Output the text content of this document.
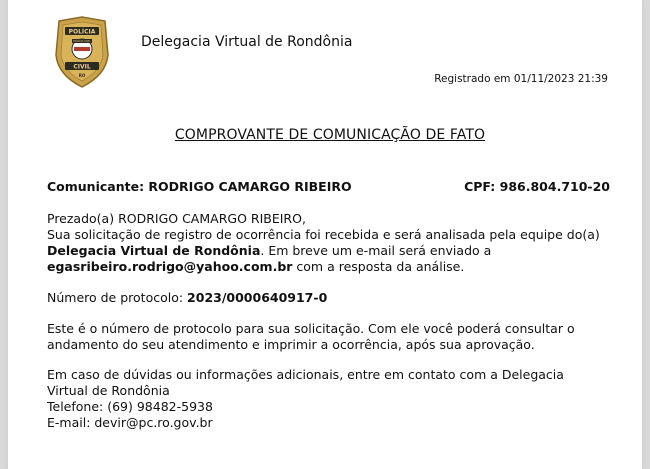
POLÍCIA
POLÍCIA CIVIL
CIVIL
RO
Delegacia Virtual de Rondônia
Registrado em 01/11/2023 21:39
COMPROVANTE DE COMUNICAÇÃO DE FATO
Comunicante: RODRIGO CAMARGO RIBEIRO	CPF: 986.804.710-20
Prezado(a) RODRIGO CAMARGO RIBEIRO,
Sua solicitação de registro de ocorrência foi recebida e será analisada pela equipe do(a) Delegacia Virtual de Rondônia. Em breve um e-mail será enviado a egasribeiro.rodrigo@yahoo.com.br com a resposta da análise.
Número de protocolo: 2023/0000640917-0
Este é o número de protocolo para sua solicitação. Com ele você poderá consultar o andamento do seu atendimento e imprimir a ocorrência, após sua aprovação.
Em caso de dúvidas ou informações adicionais, entre em contato com a Delegacia Virtual de Rondônia
Telefone: (69) 98482-5938
E-mail: devir@pc.ro.gov.br
